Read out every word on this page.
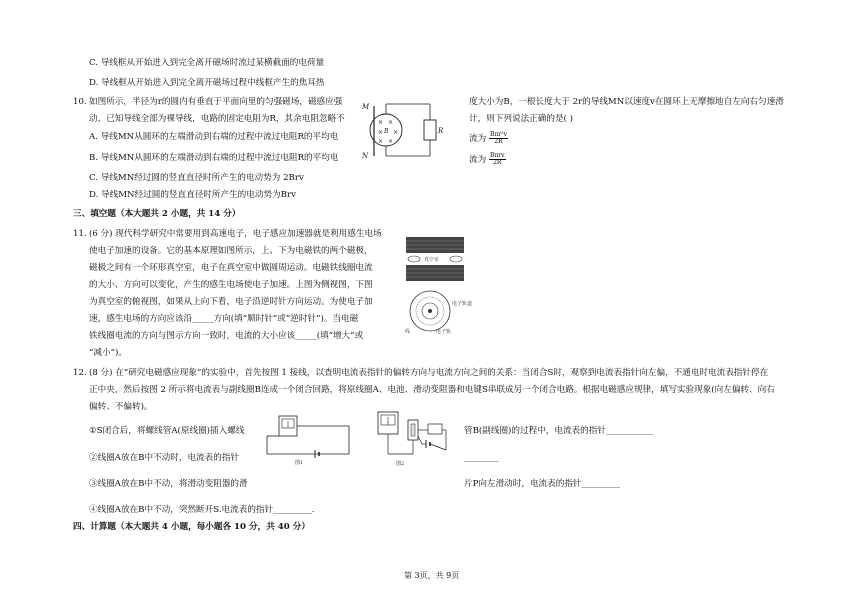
C. 导线框从开始进入到完全离开磁场时流过某横截面的电荷量
D. 导线框从开始进入到完全离开磁场过程中线框产生的焦耳热
10. 如图所示，半径为r的圆内有垂直于平面向里的匀强磁场，磁感应强	度大小为B，一根长度大于 2r的导线MN以速度v在圆环上无摩擦地自左向右匀速滑
动，已知导线全部为裸导线，电路的固定电阻为R，其余电阻忽略不	计，则下列说法正确的是( )
A. 导线MN从圆环的左端滑动到右端的过程中流过电阻R的平均电	流为 $\frac{\text{Bπr²v}}{2R}$
B. 导线MN从圆环的左端滑动到右端的过程中流过电阻R的平均电	流为 $\frac{\text{Bπrv}}{2R}$
C. 导线MN经过圆的竖直直径时所产生的电动势为 2Brv
D. 导线MN经过圆的竖直直径时所产生的电动势为Brv
× ×
× ×
× ×
M
N
B	R
三、填空题（本大题共 2 小题，共 14 分）
11. (6 分) 现代科学研究中常要用到高速电子，电子感应加速器就是利用感生电场
使电子加速的设备。它的基本原理如图所示，上、下为电磁铁的两个磁极，
磁极之间有一个环形真空室，电子在真空室中做圆周运动。电磁铁线圈电流
的大小、方向可以变化，产生的感生电场使电子加速。上图为侧视图，下图
为真空室的俯视图，如果从上向下看，电子沿逆时针方向运动。为使电子加
速，感生电场的方向应该沿_____方向(填“顺时针”或“逆时针”)。当电磁
铁线圈电流的方向与图示方向一致时，电流的大小应该_____(填“增大”或
“减小”)。
真空室
电子轨道
电子轨
线
12. (8 分) 在“研究电磁感应现象”的实验中，首先按图 1 接线，以查明电流表指针的偏转方向与电流方向之间的关系：当闭合S时，观察到电流表指针向左偏，不通电时电流表指针停在
正中央，然后按图 2 所示将电流表与副线圈B连成一个闭合回路，将原线圈A、电池、滑动变阻器和电键S串联成另一个闭合电路。根据电磁感应规律，填写实验现象(向左偏转、向右
偏转、不偏转)。
①S闭合后，将螺线管A(原线圈)插入螺线	管B(副线圈)的过程中，电流表的指针___________
②线圈A放在B中不动时，电流表的指针	________
③线圈A放在B中不动，将滑动变阻器的滑	片P向左滑动时，电流表的指针_________
④线圈A放在B中不动，突然断开S.电流表的指针_________.
图1	图2
四、计算题（本大题共 4 小题，每小题各 10 分，共 40 分）
第 3页，共 9页
